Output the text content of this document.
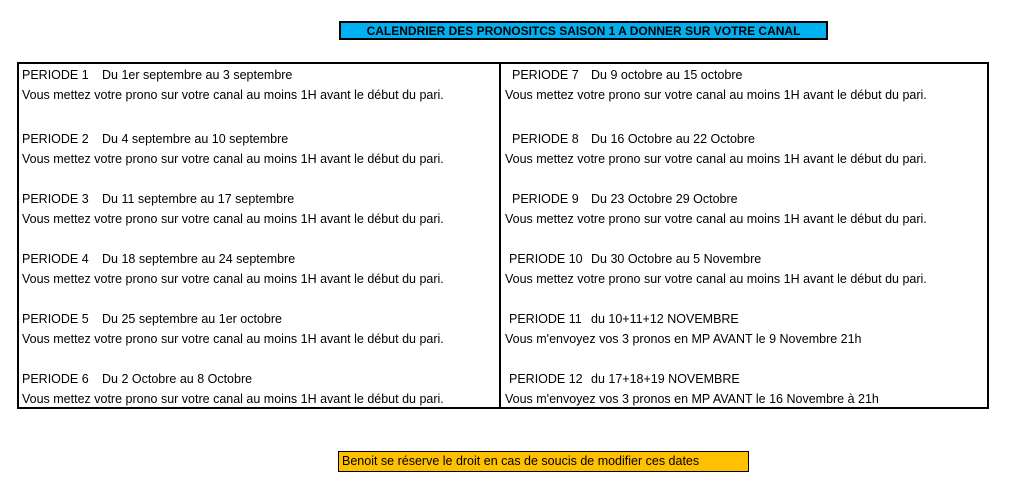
CALENDRIER DES PRONOSITCS SAISON 1 A DONNER SUR VOTRE CANAL
PERIODE 1 Du 1er septembre au 3 septembre
Vous mettez votre prono sur votre canal au moins 1H avant le début du pari.
PERIODE 2 Du 4 septembre au 10 septembre
Vous mettez votre prono sur votre canal au moins 1H avant le début du pari.
PERIODE 3 Du 11 septembre au 17 septembre
Vous mettez votre prono sur votre canal au moins 1H avant le début du pari.
PERIODE 4 Du 18 septembre au 24 septembre
Vous mettez votre prono sur votre canal au moins 1H avant le début du pari.
PERIODE 5 Du 25 septembre au 1er octobre
Vous mettez votre prono sur votre canal au moins 1H avant le début du pari.
PERIODE 6 Du 2 Octobre au 8 Octobre
Vous mettez votre prono sur votre canal au moins 1H avant le début du pari.
PERIODE 7 Du 9 octobre au 15 octobre
Vous mettez votre prono sur votre canal au moins 1H avant le début du pari.
PERIODE 8 Du 16 Octobre au 22 Octobre
Vous mettez votre prono sur votre canal au moins 1H avant le début du pari.
PERIODE 9 Du 23 Octobre 29 Octobre
Vous mettez votre prono sur votre canal au moins 1H avant le début du pari.
PERIODE 10 Du 30 Octobre au 5 Novembre
Vous mettez votre prono sur votre canal au moins 1H avant le début du pari.
PERIODE 11 du 10+11+12 NOVEMBRE
Vous m'envoyez vos 3 pronos en MP AVANT le 9 Novembre 21h
PERIODE 12 du 17+18+19 NOVEMBRE
Vous m'envoyez vos 3 pronos en MP AVANT le 16 Novembre à 21h
Benoit se réserve le droit en cas de soucis de modifier ces dates
